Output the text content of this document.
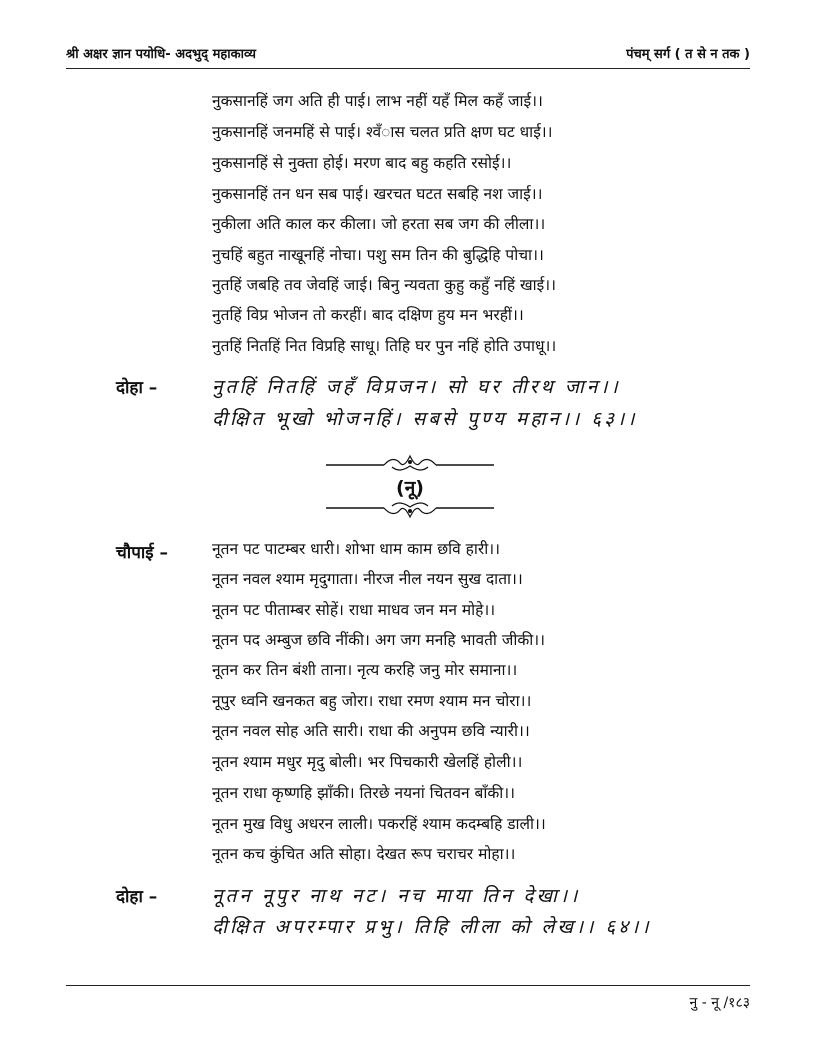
श्री अक्षर ज्ञान पयोधि- अदभुद् महाकाव्य	पंचम् सर्ग ( त से न तक )
नुकसानहिं जग अति ही पाई। लाभ नहीं यहँ मिल कहँ जाई।।
नुकसानहिं जनमहिं से पाई। श्वँास चलत प्रति क्षण घट धाई।।
नुकसानहिं से नुक्ता होई। मरण बाद बहु कहति रसोई।।
नुकसानहिं तन धन सब पाई। खरचत घटत सबहि नश जाई।।
नुकीला अति काल कर कीला। जो हरता सब जग की लीला।।
नुचहिं बहुत नाखूनहिं नोचा। पशु सम तिन की बुद्धिहि पोचा।।
नुतहिं जबहि तव जेवहिं जाई। बिनु न्यवता कुहु कहुँ नहिं खाई।।
नुतहिं विप्र भोजन तो करहीं। बाद दक्षिण हुय मन भरहीं।।
नुतहिं नितहिं नित विप्रहि साधू। तिहि घर पुन नहिं होति उपाधू।।
दोहा –	नुतहिं नितहिं जहँ विप्रजन। सो घर तीरथ जान।।
दीक्षित भूखो भोजनहिं। सबसे पुण्य महान।। ६३।।
(नू)
चौपाई –	नूतन पट पाटम्बर धारी। शोभा धाम काम छवि हारी।।
नूतन नवल श्याम मृदुगाता। नीरज नील नयन सुख दाता।।
नूतन पट पीताम्बर सोहें। राधा माधव जन मन मोहे।।
नूतन पद अम्बुज छवि नींकी। अग जग मनहि भावती जीकी।।
नूतन कर तिन बंशी ताना। नृत्य करहि जनु मोर समाना।।
नूपुर ध्वनि खनकत बहु जोरा। राधा रमण श्याम मन चोरा।।
नूतन नवल सोह अति सारी। राधा की अनुपम छवि न्यारी।।
नूतन श्याम मधुर मृदु बोली। भर पिचकारी खेलहिं होली।।
नूतन राधा कृष्णहि झाँकी। तिरछे नयनां चितवन बाँकी।।
नूतन मुख विधु अधरन लाली। पकरहिं श्याम कदम्बहि डाली।।
नूतन कच कुंचित अति सोहा। देखत रूप चराचर मोहा।।
दोहा –	नूतन नूपुर नाथ नट। नच माया तिन देखा।।
दीक्षित अपरम्पार प्रभु। तिहि लीला को लेख।। ६४।।
नु - नू /१८३
